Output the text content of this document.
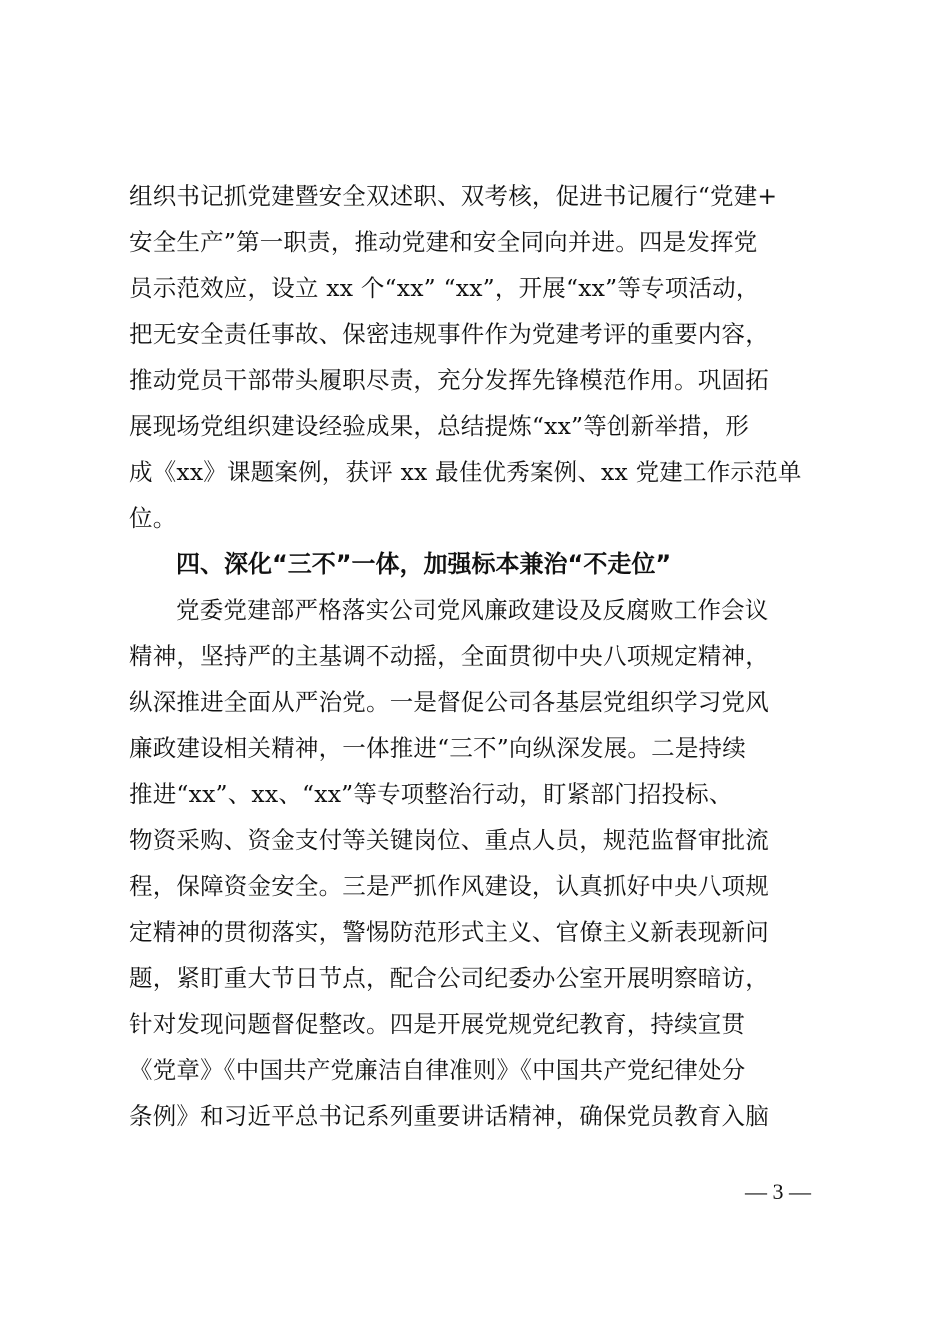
组织书记抓党建暨安全双述职、双考核，促进书记履行“党建+
安全生产”第一职责，推动党建和安全同向并进。四是发挥党
员示范效应，设立 xx 个“xx” “xx”，开展“xx”等专项活动，
把无安全责任事故、保密违规事件作为党建考评的重要内容，
推动党员干部带头履职尽责，充分发挥先锋模范作用。巩固拓
展现场党组织建设经验成果，总结提炼“xx”等创新举措，形
成《xx》课题案例，获评 xx 最佳优秀案例、xx 党建工作示范单
位。
四、深化“三不”一体，加强标本兼治“不走位”
党委党建部严格落实公司党风廉政建设及反腐败工作会议
精神，坚持严的主基调不动摇，全面贯彻中央八项规定精神，
纵深推进全面从严治党。一是督促公司各基层党组织学习党风
廉政建设相关精神，一体推进“三不”向纵深发展。二是持续
推进“xx”、xx、“xx”等专项整治行动，盯紧部门招投标、
物资采购、资金支付等关键岗位、重点人员，规范监督审批流
程，保障资金安全。三是严抓作风建设，认真抓好中央八项规
定精神的贯彻落实，警惕防范形式主义、官僚主义新表现新问
题，紧盯重大节日节点，配合公司纪委办公室开展明察暗访，
针对发现问题督促整改。四是开展党规党纪教育，持续宣贯
《党章》《中国共产党廉洁自律准则》《中国共产党纪律处分
条例》和习近平总书记系列重要讲话精神，确保党员教育入脑
— 3 —
